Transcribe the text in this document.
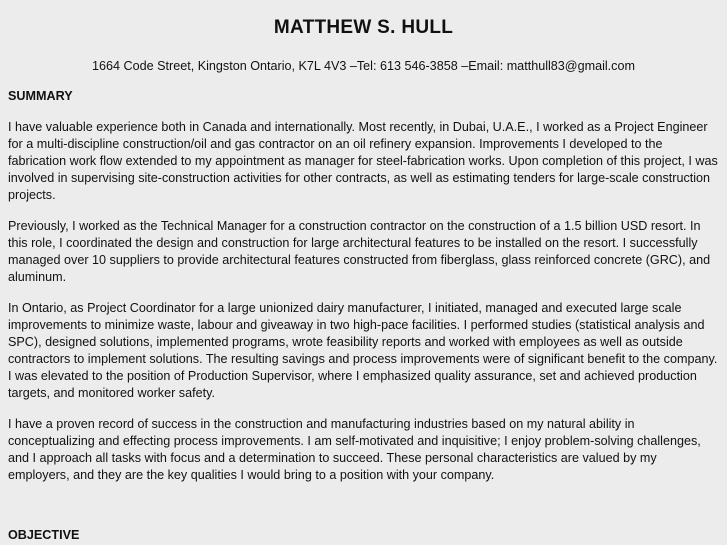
MATTHEW S. HULL
1664 Code Street, Kingston Ontario, K7L 4V3 –Tel: 613 546-3858 –Email: matthull83@gmail.com
SUMMARY

I have valuable experience both in Canada and internationally. Most recently, in Dubai, U.A.E., I worked as a Project Engineer for a multi-discipline construction/oil and gas contractor on an oil refinery expansion. Improvements I developed to the fabrication work flow extended to my appointment as manager for steel-fabrication works. Upon completion of this project, I was involved in supervising site-construction activities for other contracts, as well as estimating tenders for large-scale construction projects.

Previously, I worked as the Technical Manager for a construction contractor on the construction of a 1.5 billion USD resort. In this role, I coordinated the design and construction for large architectural features to be installed on the resort. I successfully managed over 10 suppliers to provide architectural features constructed from fiberglass, glass reinforced concrete (GRC), and aluminum.

In Ontario, as Project Coordinator for a large unionized dairy manufacturer, I initiated, managed and executed large scale improvements to minimize waste, labour and giveaway in two high-pace facilities. I performed studies (statistical analysis and SPC), designed solutions, implemented programs, wrote feasibility reports and worked with employees as well as outside contractors to implement solutions. The resulting savings and process improvements were of significant benefit to the company. I was elevated to the position of Production Supervisor, where I emphasized quality assurance, set and achieved production targets, and monitored worker safety.

I have a proven record of success in the construction and manufacturing industries based on my natural ability in conceptualizing and effecting process improvements. I am self-motivated and inquisitive; I enjoy problem-solving challenges, and I approach all tasks with focus and a determination to succeed. These personal characteristics are valued by my employers, and they are the key qualities I would bring to a position with your company.

OBJECTIVE
